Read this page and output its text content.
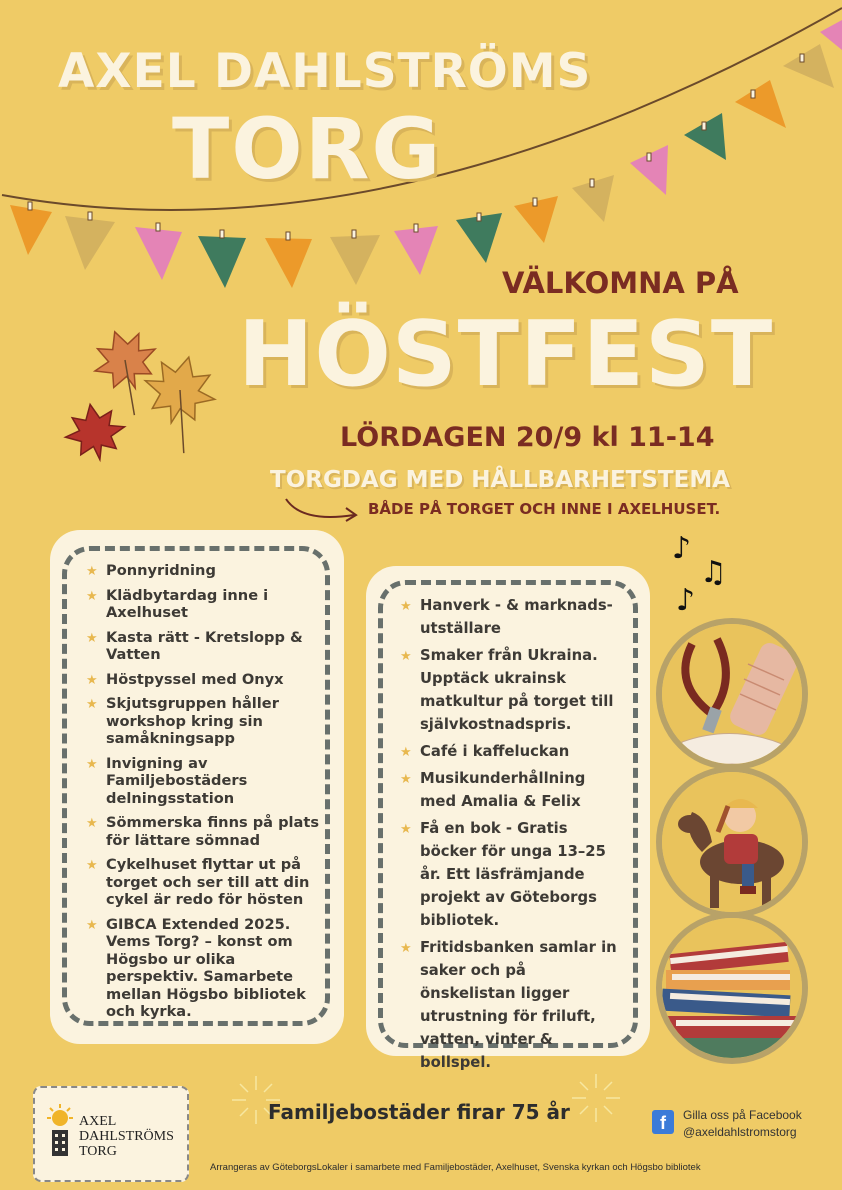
AXEL DAHLSTRÖMS
TORG
VÄLKOMNA PÅ
HÖSTFEST
LÖRDAGEN 20/9 kl 11-14
TORGDAG MED HÅLLBARHETSTEMA
BÅDE PÅ TORGET OCH INNE I AXELHUSET.
★ Ponnyridning
★ Klädbytardag inne i Axelhuset
★ Kasta rätt - Kretslopp & Vatten
★ Höstpyssel med Onyx
★ Skjutsgruppen håller workshop kring sin samåkningsapp
★ Invigning av Familjebostäders delningsstation
★ Sömmerska finns på plats för lättare sömnad
★ Cykelhuset flyttar ut på torget och ser till att din cykel är redo för hösten
★ GIBCA Extended 2025. Vems Torg? – konst om Högsbo ur olika perspektiv. Samarbete mellan Högsbo bibliotek och kyrka.
★ Hanverk - & marknads-utställare
★ Smaker från Ukraina. Upptäck ukrainsk matkultur på torget till självkostnadspris.
★ Café i kaffeluckan
★ Musikunderhållning med Amalia & Felix
★ Få en bok - Gratis böcker för unga 13–25 år. Ett läsfrämjande projekt av Göteborgs bibliotek.
★ Fritidsbanken samlar in saker och på önskelistan ligger utrustning för friluft, vatten, vinter & bollspel.
♪
♫
♪
AXEL
DAHLSTRÖMS
TORG
Familjebostäder firar 75 år	f	Gilla oss på Facebook
@axeldahlstromstorg
Arrangeras av GöteborgsLokaler i samarbete med Familjebostäder, Axelhuset, Svenska kyrkan och Högsbo bibliotek
